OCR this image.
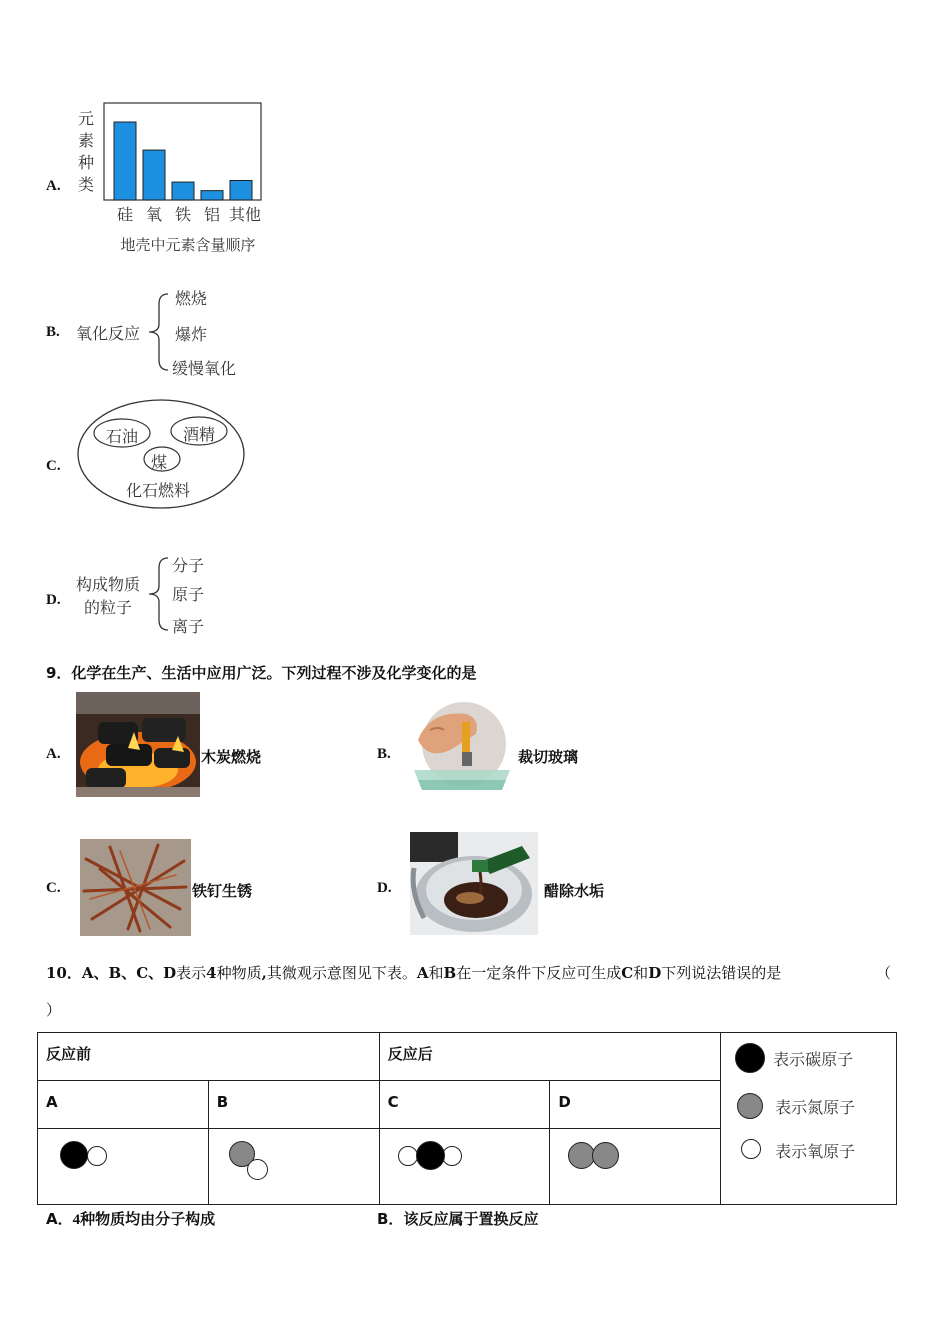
A.
元素种类
硅 氧 铁 铝 其他
地壳中元素含量顺序
B. 氧化反应
燃烧
爆炸
缓慢氧化
C.
石油	酒精
煤
化石燃料
D.
构成物质
的粒子
分子
原子
离子
9．化学在生产、生活中应用广泛。下列过程不涉及化学变化的是
A.	木炭燃烧	B.	裁切玻璃
C.	铁钉生锈	D.	醋除水垢
10．A、B、C、D表示4种物质,其微观示意图见下表。A和B在一定条件下反应可生成C和D下列说法错误的是	（
）
反应前		反应后		表示碳原子
表示氮原子
表示氧原子

A	B	C	D	

A．4种物质均由分子构成	B．该反应属于置换反应
